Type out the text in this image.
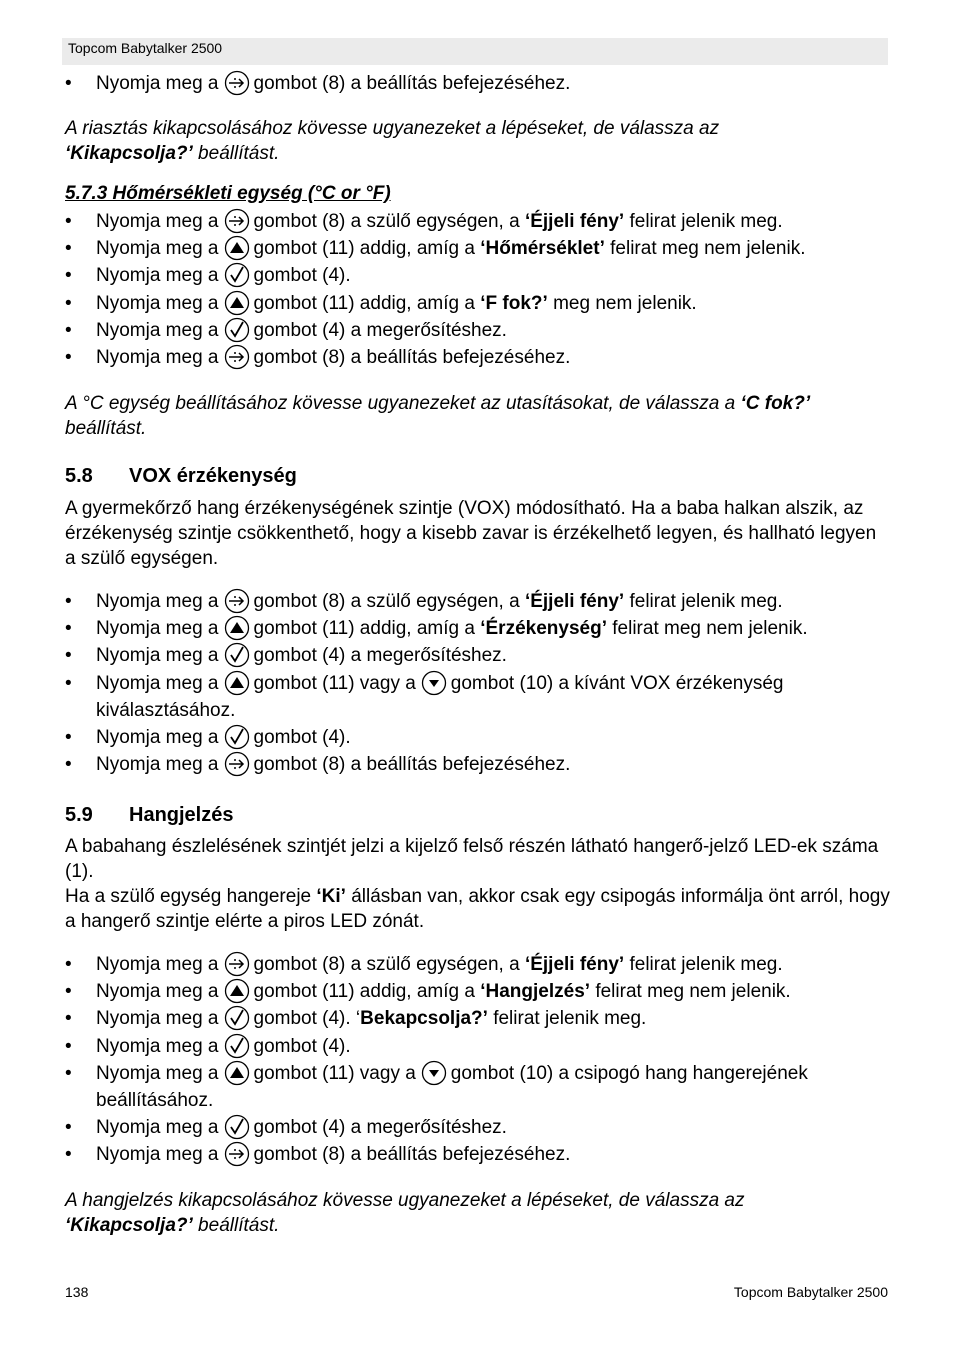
Topcom Babytalker 2500
• Nyomja meg a gombot (8) a beállítás befejezéséhez.
A riasztás kikapcsolásához kövesse ugyanezeket a lépéseket, de válassza az
‘Kikapcsolja?’ beállítást.
5.7.3 Hőmérsékleti egység (°C or °F)
• Nyomja meg a gombot (8) a szülő egységen, a ‘Éjjeli fény’ felirat jelenik meg.
• Nyomja meg a gombot (11) addig, amíg a ‘Hőmérséklet’ felirat meg nem jelenik.
• Nyomja meg a gombot (4).
• Nyomja meg a gombot (11) addig, amíg a ‘F fok?’ meg nem jelenik.
• Nyomja meg a gombot (4) a megerősítéshez.
• Nyomja meg a gombot (8) a beállítás befejezéséhez.
A °C egység beállításához kövesse ugyanezeket az utasításokat, de válassza a ‘C fok?’
beállítást.
5.8 VOX érzékenység
A gyermekőrző hang érzékenységének szintje (VOX) módosítható. Ha a baba halkan alszik, az érzékenység szintje csökkenthető, hogy a kisebb zavar is érzékelhető legyen, és hallható legyen a szülő egységen.
• Nyomja meg a gombot (8) a szülő egységen, a ‘Éjjeli fény’ felirat jelenik meg.
• Nyomja meg a gombot (11) addig, amíg a ‘Érzékenység’ felirat meg nem jelenik.
• Nyomja meg a gombot (4) a megerősítéshez.
• Nyomja meg a gombot (11) vagy a gombot (10) a kívánt VOX érzékenység kiválasztásához.
• Nyomja meg a gombot (4).
• Nyomja meg a gombot (8) a beállítás befejezéséhez.
5.9 Hangjelzés
A babahang észlelésének szintjét jelzi a kijelző felső részén látható hangerő-jelző LED-ek száma (1).
Ha a szülő egység hangereje ‘Ki’ állásban van, akkor csak egy csipogás informálja önt arról, hogy a hangerő szintje elérte a piros LED zónát.
• Nyomja meg a gombot (8) a szülő egységen, a ‘Éjjeli fény’ felirat jelenik meg.
• Nyomja meg a gombot (11) addig, amíg a ‘Hangjelzés’ felirat meg nem jelenik.
• Nyomja meg a gombot (4). ‘Bekapcsolja?’ felirat jelenik meg.
• Nyomja meg a gombot (4).
• Nyomja meg a gombot (11) vagy a gombot (10) a csipogó hang hangerejének beállításához.
• Nyomja meg a gombot (4) a megerősítéshez.
• Nyomja meg a gombot (8) a beállítás befejezéséhez.
A hangjelzés kikapcsolásához kövesse ugyanezeket a lépéseket, de válassza az
‘Kikapcsolja?’ beállítást.
138	Topcom Babytalker 2500
